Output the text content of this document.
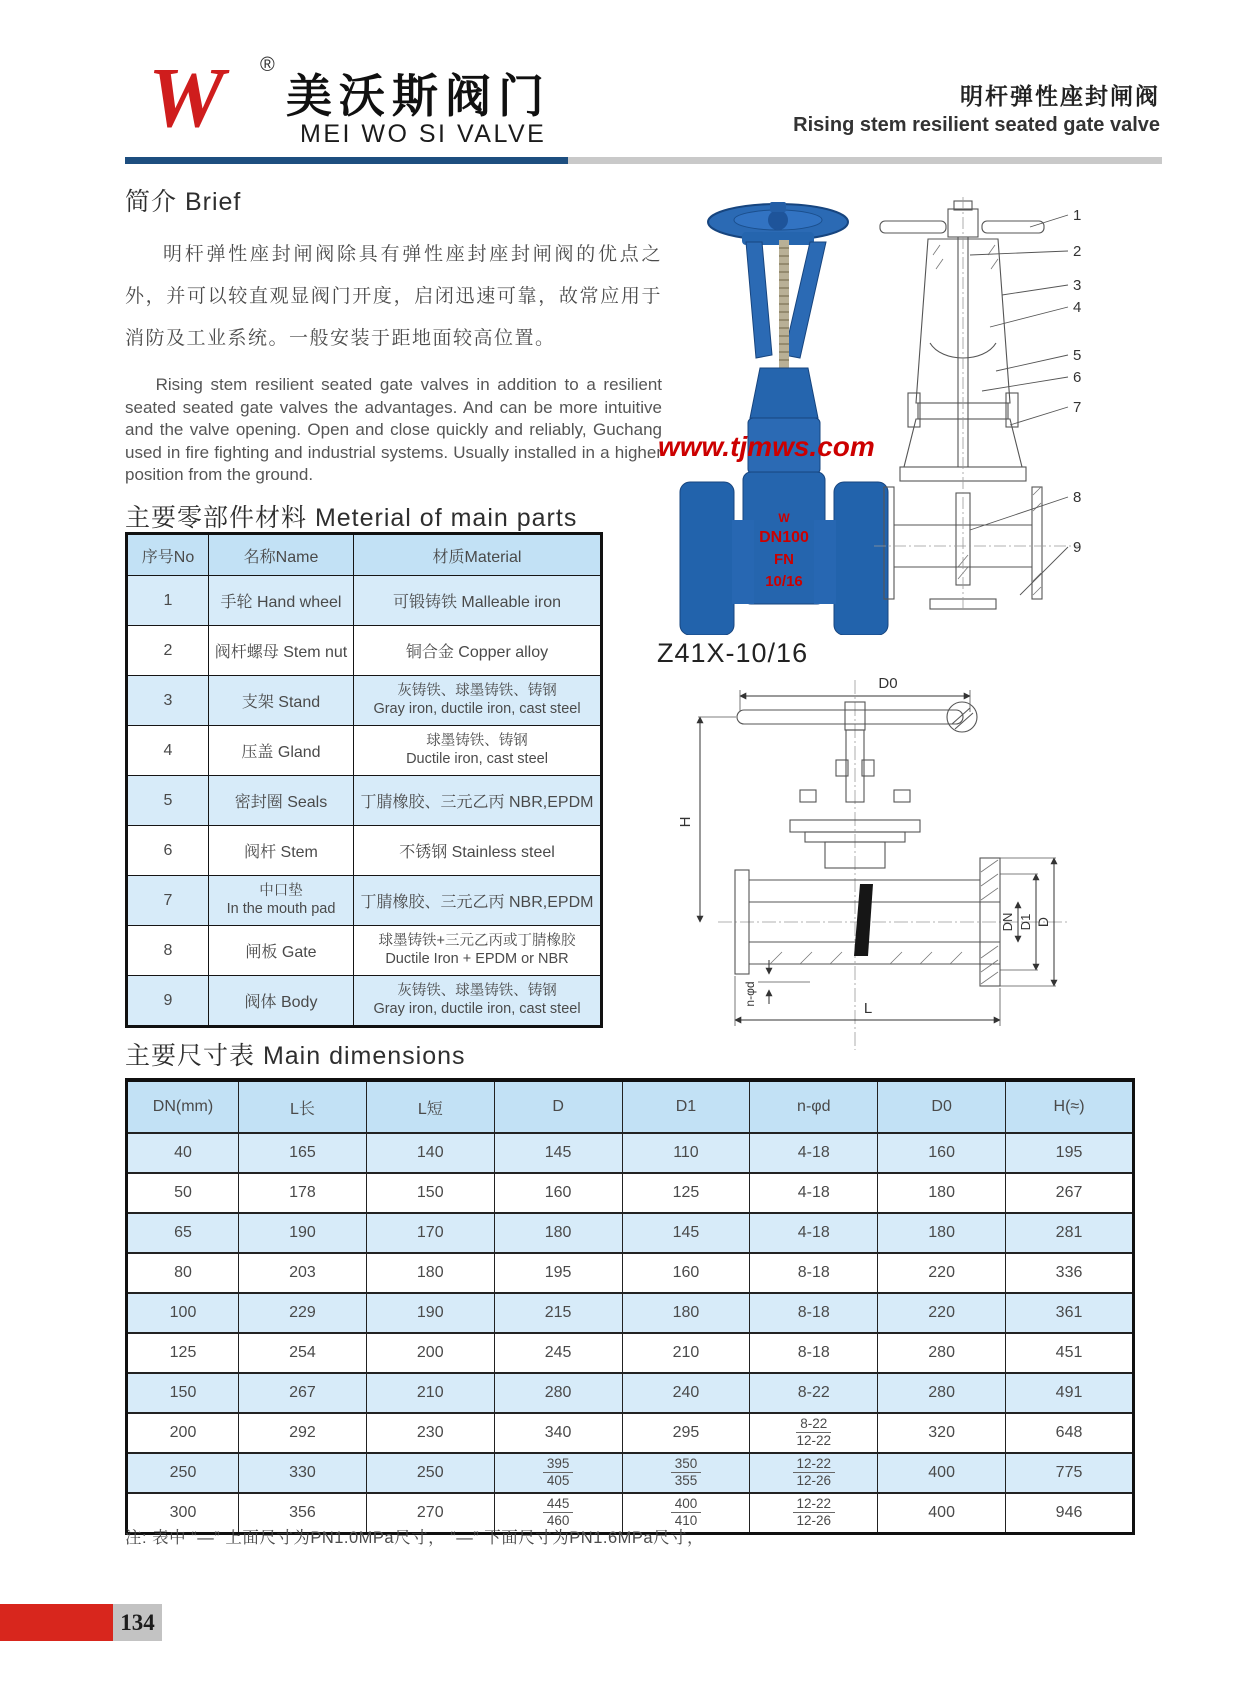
W ®
美沃斯阀门
MEI WO SI VALVE
明杆弹性座封闸阀
Rising stem resilient seated gate valve
简介 Brief
明杆弹性座封闸阀除具有弹性座封座封闸阀的优点之外，并可以较直观显阀门开度，启闭迅速可靠，故常应用于消防及工业系统。一般安装于距地面较高位置。
Rising stem resilient seated gate valves in addition to a resilient seated seated gate valves the advantages. And can be more intuitive and the valve opening. Open and close quickly and reliably, Guchang used in fire fighting and industrial systems. Usually installed in a higher position from the ground.
W
DN100
FN
10/16
www.tjmws.com
1
2
3
4
5
6
7
8
9
Z41X-10/16
D0
H
DN D1 D
n-φd
L
主要零部件材料 Meterial of main parts
序号No	名称Name	材质Material
1	手轮 Hand wheel	可锻铸铁 Malleable iron
2	阀杆螺母 Stem nut	铜合金 Copper alloy
3	支架 Stand	灰铸铁、球墨铸铁、铸钢
Gray iron, ductile iron, cast steel

4	压盖 Gland	球墨铸铁、铸钢
Ductile iron, cast steel

5	密封圈 Seals	丁腈橡胶、三元乙丙 NBR,EPDM
6	阀杆 Stem	不锈钢 Stainless steel
7	中口垫
In the mouth pad	丁腈橡胶、三元乙丙 NBR,EPDM
8	闸板 Gate	球墨铸铁+三元乙丙或丁腈橡胶
Ductile Iron + EPDM or NBR

9	阀体 Body	灰铸铁、球墨铸铁、铸钢
Gray iron, ductile iron, cast steel
主要尺寸表 Main dimensions
DN(mm)	L长	L短	D	D1	n-φd	D0	H(≈)
40	165	140	145	110	4-18	160	195
50	178	150	160	125	4-18	180	267
65	190	170	180	145	4-18	180	281
80	203	180	195	160	8-18	220	336
100	229	190	215	180	8-18	220	361
125	254	200	245	210	8-18	280	451
150	267	210	280	240	8-22	280	491
200	292	230	340	295	$\frac{8-22}{12-22}$	320	648
250	330	250	$\frac{395}{405}$	$\frac{350}{355}$	$\frac{12-22}{12-26}$	400	775
300	356	270	$\frac{445}{460}$	$\frac{400}{410}$	$\frac{12-22}{12-26}$	400	946
注: 表中 “—” 上面尺寸为PN1.0MPa尺寸， “—” 下面尺寸为PN1.6MPa尺寸，
134
